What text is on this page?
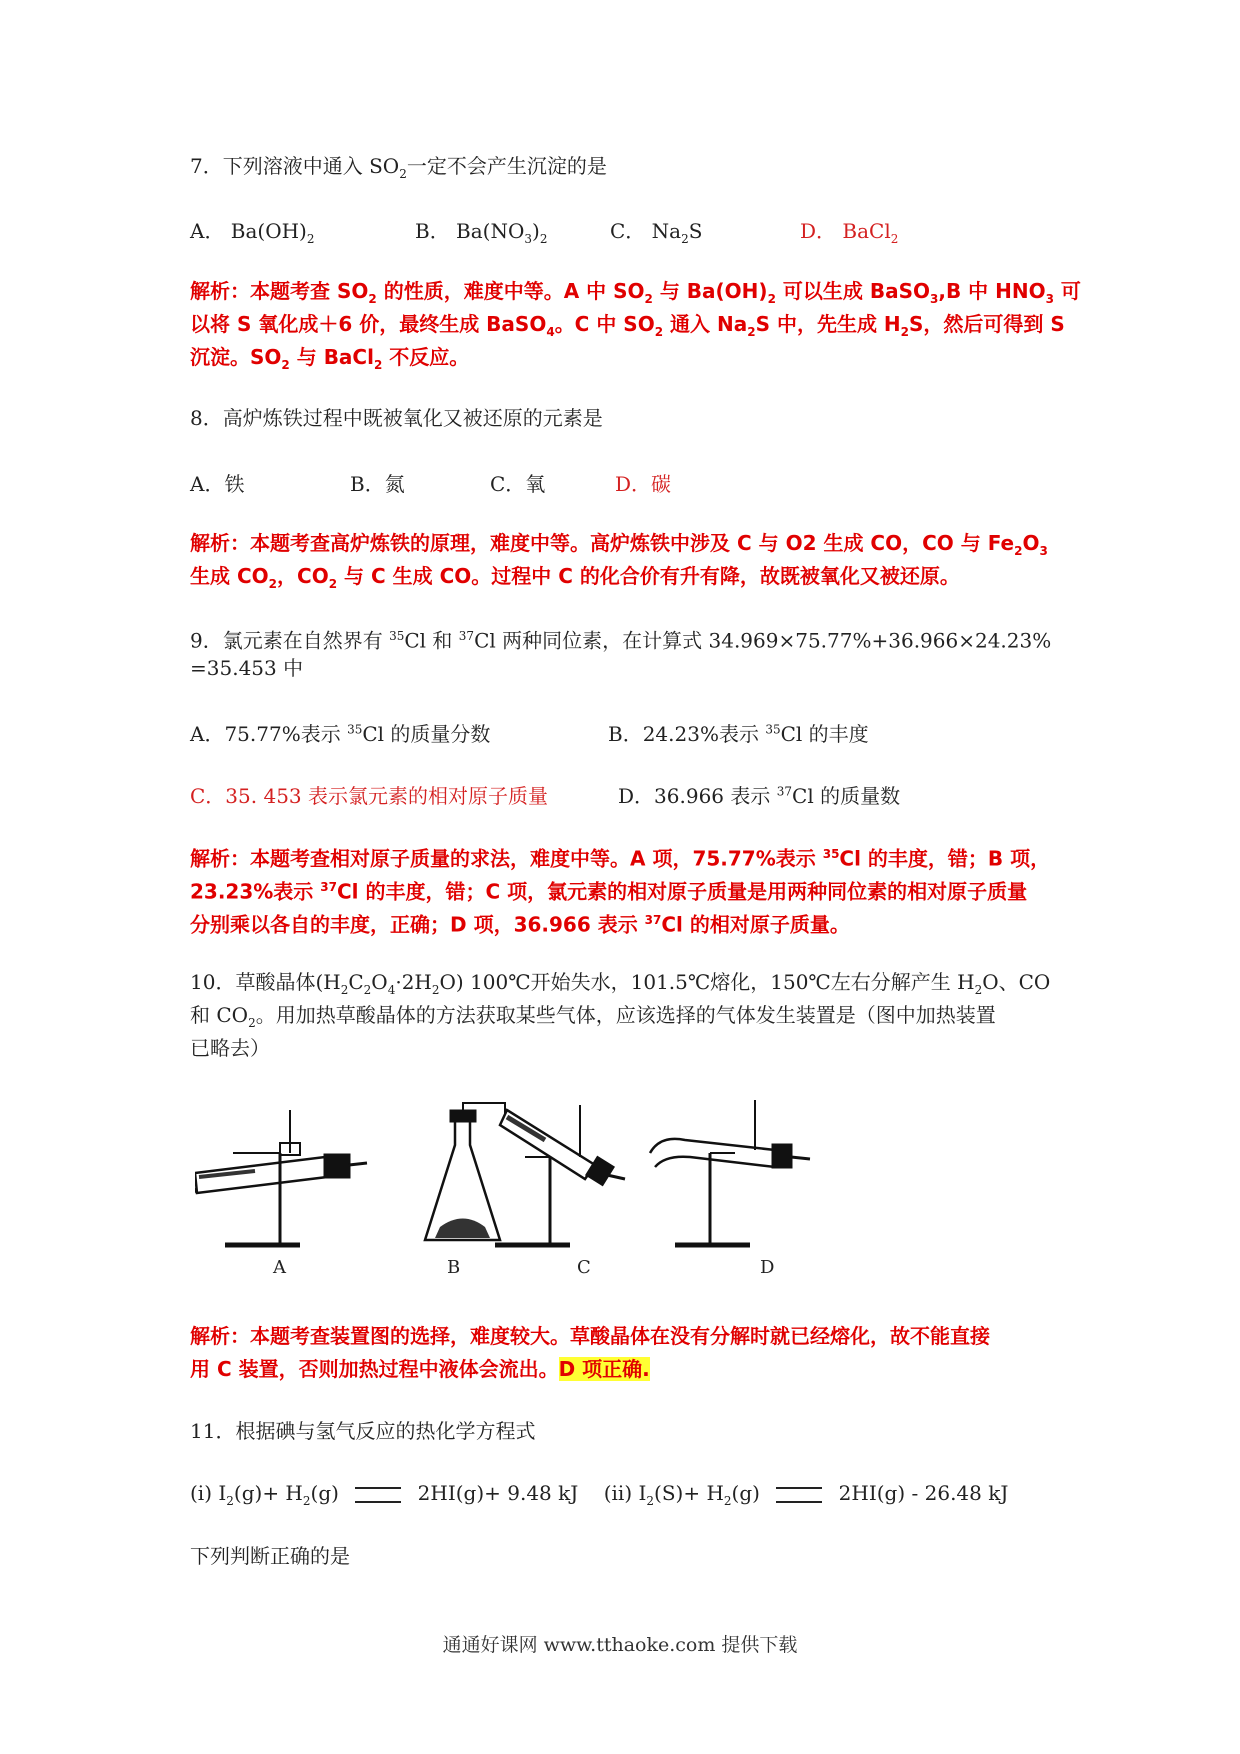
7．下列溶液中通入 $SO_2$一定不会产生沉淀的是
A． $Ba(OH)_2$	B． $Ba(NO_3)_2$	C． $Na_2S$	D． BaCl$_2$
解析：本题考查 $SO_2$ 的性质，难度中等。A 中 $SO_2$ 与 $Ba(OH)_2$ 可以生成 BaSO$_3$,B 中 $HNO_3$ 可
以将 S 氧化成＋6 价，最终生成 BaSO$_4$。C 中 $SO_2$ 通入 $Na_2S$ 中，先生成 $H_2S$，然后可得到 S
沉淀。$SO_2$ 与 BaCl$_2$ 不反应。
8．高炉炼铁过程中既被氧化又被还原的元素是
A．铁	B．氮	C．氧	D．碳
解析：本题考查高炉炼铁的原理，难度中等。高炉炼铁中涉及 C 与 O2 生成 CO，CO 与 $Fe_2O_3$
生成 $CO_2$，$CO_2$ 与 C 生成 CO。过程中 C 的化合价有升有降，故既被氧化又被还原。
9．氯元素在自然界有 $^{35}$Cl 和 $^{37}$Cl 两种同位素，在计算式 34.969×75.77%+36.966×24.23%
=35.453 中
A．75.77%表示 $^{35}$Cl 的质量分数	B．24.23%表示 $^{35}$Cl 的丰度
C．35. 453 表示氯元素的相对原子质量	D．36.966 表示 $^{37}$Cl 的质量数
解析：本题考查相对原子质量的求法，难度中等。A 项，75.77%表示 $^{35}$Cl 的丰度，错；B 项，
23.23%表示 $^{37}$Cl 的丰度，错；C 项，氯元素的相对原子质量是用两种同位素的相对原子质量
分别乘以各自的丰度，正确；D 项，36.966 表示 $^{37}$Cl 的相对原子质量。
10．草酸晶体$(H_2C_2O_4\cdot 2H_2O)$ 100℃开始失水，101.5℃熔化，150℃左右分解产生 $H_2O$、CO
和 $CO_2$。用加热草酸晶体的方法获取某些气体，应该选择的气体发生装置是（图中加热装置
已略去）
A	B	C	D
解析：本题考查装置图的选择，难度较大。草酸晶体在没有分解时就已经熔化，故不能直接
用 C 装置，否则加热过程中液体会流出。D 项正确.
11．根据碘与氢气反应的热化学方程式
(i) $I_2(g)+ H_2(g)$	2HI(g)+ 9.48 kJ (ii) $I_2(S)+ H_2(g)$	2HI(g) - 26.48 kJ
下列判断正确的是
通通好课网 www.tthaoke.com 提供下载
